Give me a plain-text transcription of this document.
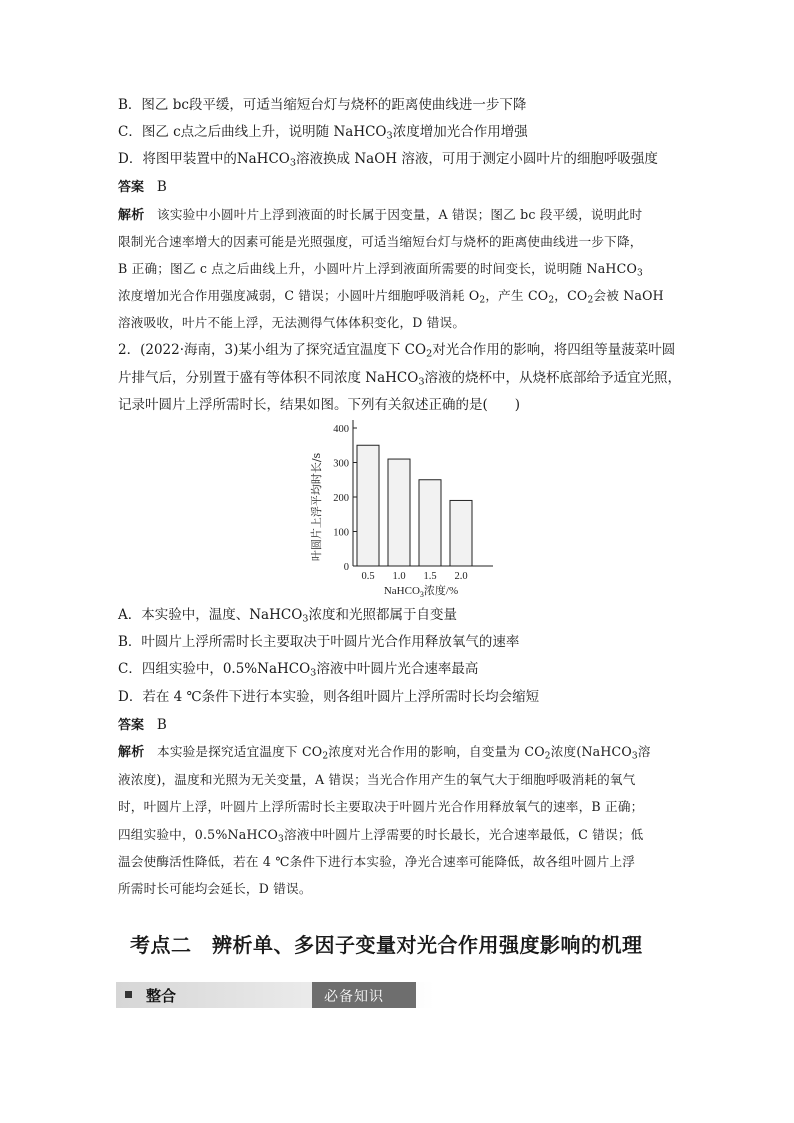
B．图乙 bc段平缓，可适当缩短台灯与烧杯的距离使曲线进一步下降
C．图乙 c点之后曲线上升，说明随 NaHCO$_3$浓度增加光合作用增强
D．将图甲装置中的NaHCO$_3$溶液换成 NaOH 溶液，可用于测定小圆叶片的细胞呼吸强度
答案 B
解析 该实验中小圆叶片上浮到液面的时长属于因变量，A 错误；图乙 bc 段平缓，说明此时
限制光合速率增大的因素可能是光照强度，可适当缩短台灯与烧杯的距离使曲线进一步下降，
B 正确；图乙 c 点之后曲线上升，小圆叶片上浮到液面所需要的时间变长，说明随 NaHCO$_3$
浓度增加光合作用强度减弱，C 错误；小圆叶片细胞呼吸消耗 $O_2$，产生 $CO_2$，$CO_2$会被 NaOH
溶液吸收，叶片不能上浮，无法测得气体体积变化，D 错误。
2．(2022·海南，3)某小组为了探究适宜温度下 $CO_2$对光合作用的影响，将四组等量菠菜叶圆
片排气后，分别置于盛有等体积不同浓度 NaHCO$_3$溶液的烧杯中，从烧杯底部给予适宜光照，
记录叶圆片上浮所需时长，结果如图。下列有关叙述正确的是(　　)
0
100
200
300
400
叶圆片上浮平均时长/s
0.5 1.0 1.5 2.0
NaHCO$_3$浓度/%
A．本实验中，温度、NaHCO$_3$浓度和光照都属于自变量
B．叶圆片上浮所需时长主要取决于叶圆片光合作用释放氧气的速率
C．四组实验中，0.5%NaHCO$_3$溶液中叶圆片光合速率最高
D．若在 4 ℃条件下进行本实验，则各组叶圆片上浮所需时长均会缩短
答案 B
解析 本实验是探究适宜温度下 $CO_2$浓度对光合作用的影响，自变量为 $CO_2$浓度(NaHCO$_3$溶
液浓度)，温度和光照为无关变量，A 错误；当光合作用产生的氧气大于细胞呼吸消耗的氧气
时，叶圆片上浮，叶圆片上浮所需时长主要取决于叶圆片光合作用释放氧气的速率，B 正确；
四组实验中，0.5%NaHCO$_3$溶液中叶圆片上浮需要的时长最长，光合速率最低，C 错误；低
温会使酶活性降低，若在 4 ℃条件下进行本实验，净光合速率可能降低，故各组叶圆片上浮
所需时长可能均会延长，D 错误。
考点二　辨析单、多因子变量对光合作用强度影响的机理
整合	必备知识
